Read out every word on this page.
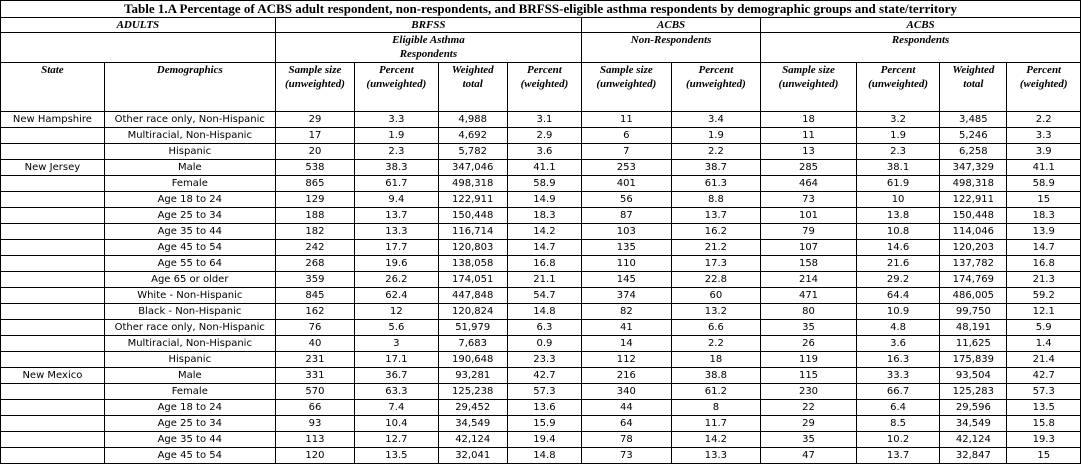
Table 1.A Percentage of ACBS adult respondent, non-respondents, and BRFSS-eligible asthma respondents by demographic groups and state/territory											
ADULTS		BRFSS				ACBS		ACBS			

		Eligible Asthma Respondents				Non-Respondents		Respondents			
State	Demographics	Sample size (unweighted)	Percent (unweighted)	Weighted total	Percent (weighted)	Sample size (unweighted)	Percent (unweighted)	Sample size (unweighted)	Percent (unweighted)	Weighted total	Percent (weighted)
New Hampshire	Other race only, Non-Hispanic	29	3.3	4,988	3.1	11	3.4	18	3.2	3,485	2.2
	Multiracial, Non-Hispanic	17	1.9	4,692	2.9	6	1.9	11	1.9	5,246	3.3
	Hispanic	20	2.3	5,782	3.6	7	2.2	13	2.3	6,258	3.9
New Jersey	Male	538	38.3	347,046	41.1	253	38.7	285	38.1	347,329	41.1
	Female	865	61.7	498,318	58.9	401	61.3	464	61.9	498,318	58.9
	Age 18 to 24	129	9.4	122,911	14.9	56	8.8	73	10	122,911	15
	Age 25 to 34	188	13.7	150,448	18.3	87	13.7	101	13.8	150,448	18.3
	Age 35 to 44	182	13.3	116,714	14.2	103	16.2	79	10.8	114,046	13.9
	Age 45 to 54	242	17.7	120,803	14.7	135	21.2	107	14.6	120,203	14.7
	Age 55 to 64	268	19.6	138,058	16.8	110	17.3	158	21.6	137,782	16.8
	Age 65 or older	359	26.2	174,051	21.1	145	22.8	214	29.2	174,769	21.3
	White - Non-Hispanic	845	62.4	447,848	54.7	374	60	471	64.4	486,005	59.2
	Black - Non-Hispanic	162	12	120,824	14.8	82	13.2	80	10.9	99,750	12.1
	Other race only, Non-Hispanic	76	5.6	51,979	6.3	41	6.6	35	4.8	48,191	5.9
	Multiracial, Non-Hispanic	40	3	7,683	0.9	14	2.2	26	3.6	11,625	1.4
	Hispanic	231	17.1	190,648	23.3	112	18	119	16.3	175,839	21.4
New Mexico	Male	331	36.7	93,281	42.7	216	38.8	115	33.3	93,504	42.7
	Female	570	63.3	125,238	57.3	340	61.2	230	66.7	125,283	57.3
	Age 18 to 24	66	7.4	29,452	13.6	44	8	22	6.4	29,596	13.5
	Age 25 to 34	93	10.4	34,549	15.9	64	11.7	29	8.5	34,549	15.8
	Age 35 to 44	113	12.7	42,124	19.4	78	14.2	35	10.2	42,124	19.3
	Age 45 to 54	120	13.5	32,041	14.8	73	13.3	47	13.7	32,847	15
